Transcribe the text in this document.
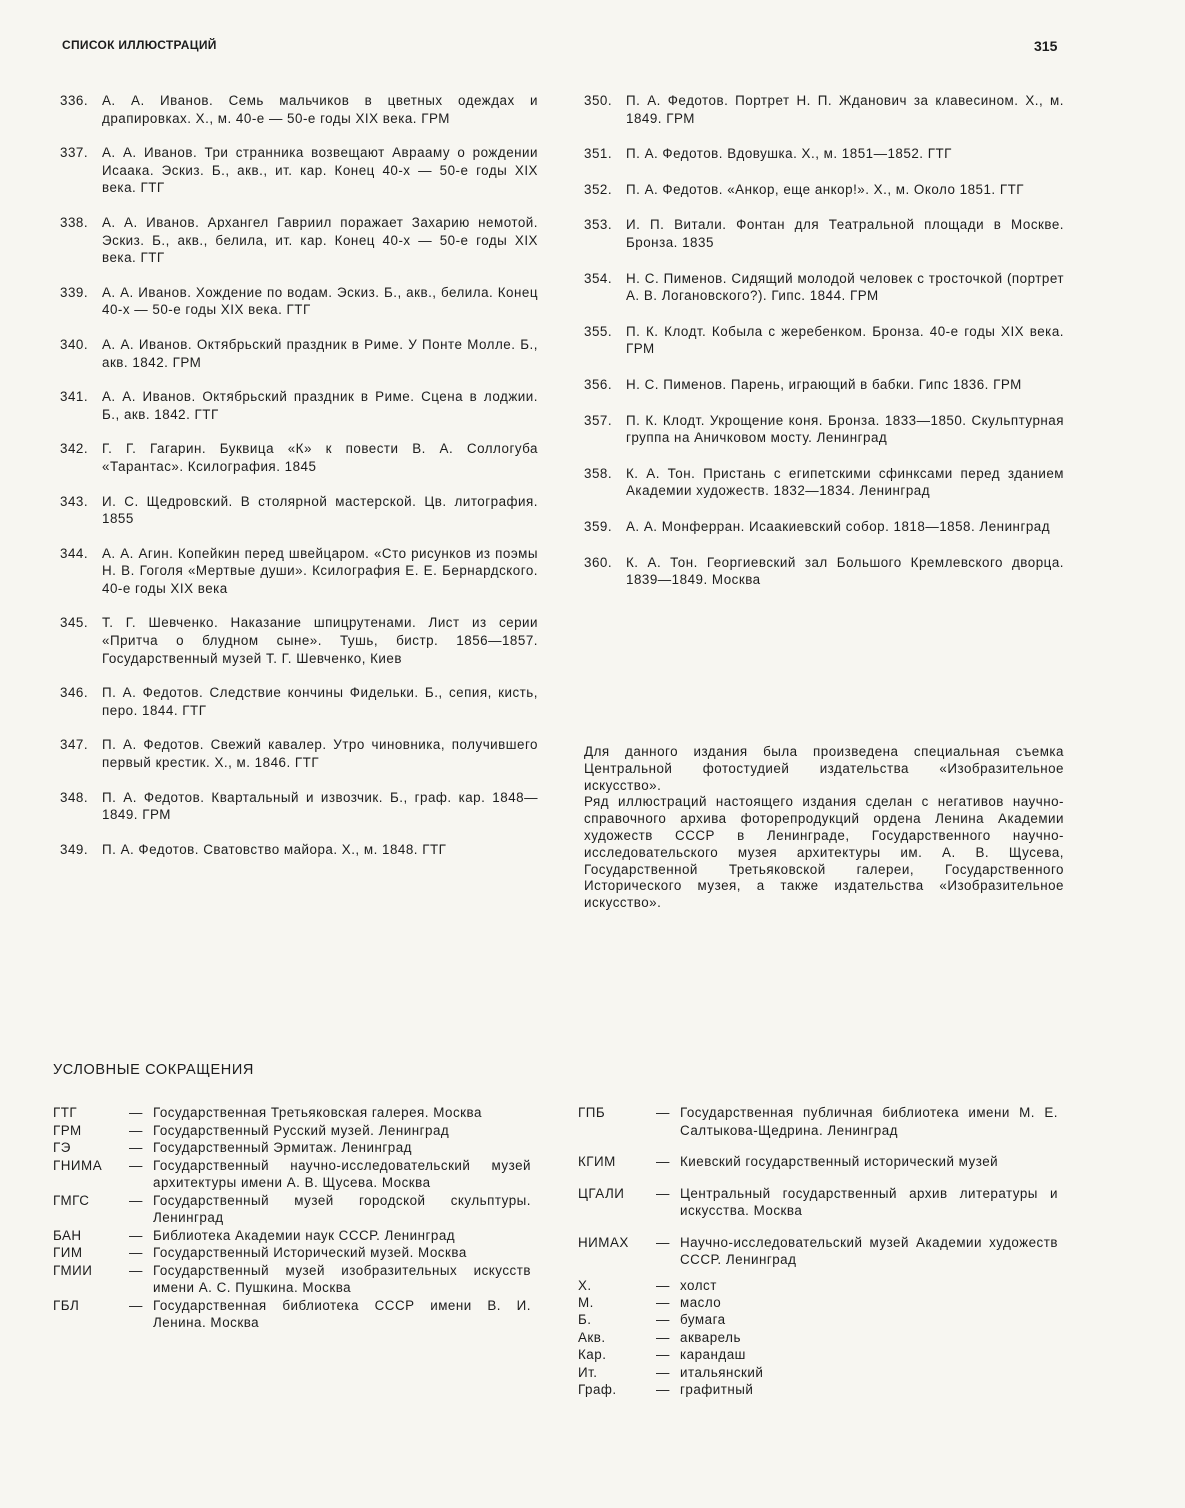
СПИСОК ИЛЛЮСТРАЦИЙ	315
336. А. А. Иванов. Семь мальчиков в цветных одеждах и драпировках. Х., м. 40-е — 50-е годы XIX века. ГРМ
337. А. А. Иванов. Три странника возвещают Аврааму о рождении Исаака. Эскиз. Б., акв., ит. кар. Конец 40-х — 50-е годы XIX века. ГТГ
338. А. А. Иванов. Архангел Гавриил поражает Захарию немотой. Эскиз. Б., акв., белила, ит. кар. Конец 40-х — 50-е годы XIX века. ГТГ
339. А. А. Иванов. Хождение по водам. Эскиз. Б., акв., белила. Конец 40-х — 50-е годы XIX века. ГТГ
340. А. А. Иванов. Октябрьский праздник в Риме. У Понте Молле. Б., акв. 1842. ГРМ
341. А. А. Иванов. Октябрьский праздник в Риме. Сцена в лоджии. Б., акв. 1842. ГТГ
342. Г. Г. Гагарин. Буквица «К» к повести В. А. Соллогуба «Тарантас». Ксилография. 1845
343. И. С. Щедровский. В столярной мастерской. Цв. литография. 1855
344. А. А. Агин. Копейкин перед швейцаром. «Сто рисунков из поэмы Н. В. Гоголя «Мертвые души». Ксилография Е. Е. Бернардского. 40-е годы XIX века
345. Т. Г. Шевченко. Наказание шпицрутенами. Лист из серии «Притча о блудном сыне». Тушь, бистр. 1856—1857. Государственный музей Т. Г. Шевченко, Киев
346. П. А. Федотов. Следствие кончины Фидельки. Б., сепия, кисть, перо. 1844. ГТГ
347. П. А. Федотов. Свежий кавалер. Утро чиновника, получившего первый крестик. Х., м. 1846. ГТГ
348. П. А. Федотов. Квартальный и извозчик. Б., граф. кар. 1848—1849. ГРМ
349. П. А. Федотов. Сватовство майора. Х., м. 1848. ГТГ
350. П. А. Федотов. Портрет Н. П. Жданович за клавесином. Х., м. 1849. ГРМ
351. П. А. Федотов. Вдовушка. Х., м. 1851—1852. ГТГ
352. П. А. Федотов. «Анкор, еще анкор!». Х., м. Около 1851. ГТГ
353. И. П. Витали. Фонтан для Театральной площади в Москве. Бронза. 1835
354. Н. С. Пименов. Сидящий молодой человек с тросточкой (портрет А. В. Логановского?). Гипс. 1844. ГРМ
355. П. К. Клодт. Кобыла с жеребенком. Бронза. 40-е годы XIX века. ГРМ
356. Н. С. Пименов. Парень, играющий в бабки. Гипс 1836. ГРМ
357. П. К. Клодт. Укрощение коня. Бронза. 1833—1850. Скульптурная группа на Аничковом мосту. Ленинград
358. К. А. Тон. Пристань с египетскими сфинксами перед зданием Академии художеств. 1832—1834. Ленинград
359. А. А. Монферран. Исаакиевский собор. 1818—1858. Ленинград
360. К. А. Тон. Георгиевский зал Большого Кремлевского дворца. 1839—1849. Москва

Для данного издания была произведена специальная съемка Центральной фотостудией издательства «Изобразительное искусство».

Ряд иллюстраций настоящего издания сделан с негативов научно-справочного архива фоторепродукций ордена Ленина Академии художеств СССР в Ленинграде, Государственного научно-исследовательского музея архитектуры им. А. В. Щусева, Государственной Третьяковской галереи, Государственного Исторического музея, а также издательства «Изобразительное искусство».

УСЛОВНЫЕ СОКРАЩЕНИЯ
ГТГ	— Государственная Третьяковская галерея. Москва
ГРМ	— Государственный Русский музей. Ленинград
ГЭ	— Государственный Эрмитаж. Ленинград
ГНИМА	— Государственный научно-исследовательский музей архитектуры имени А. В. Щусева. Москва
ГМГС	— Государственный музей городской скульптуры. Ленинград
БАН	— Библиотека Академии наук СССР. Ленинград
ГИМ	— Государственный Исторический музей. Москва
ГМИИ	— Государственный музей изобразительных искусств имени А. С. Пушкина. Москва
ГБЛ	— Государственная библиотека СССР имени В. И. Ленина. Москва
ГПБ	— Государственная публичная библиотека имени М. Е. Салтыкова-Щедрина. Ленинград
КГИМ	— Киевский государственный исторический музей
ЦГАЛИ	— Центральный государственный архив литературы и искусства. Москва
НИМАХ	— Научно-исследовательский музей Академии художеств СССР. Ленинград
Х.	— холст
М.	— масло
Б.	— бумага
Акв.	— акварель
Кар.	— карандаш
Ит.	— итальянский
Граф.	— графитный
